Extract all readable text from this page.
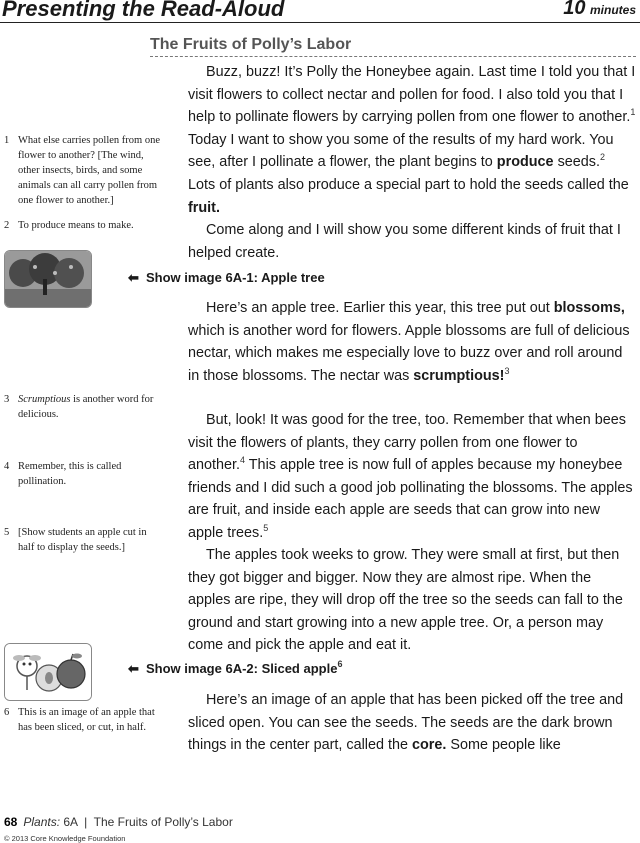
Presenting the Read-Aloud	10 minutes
The Fruits of Polly’s Labor
Buzz, buzz! It’s Polly the Honeybee again. Last time I told you that I visit flowers to collect nectar and pollen for food. I also told you that I help to pollinate flowers by carrying pollen from one flower to another.$^1$ Today I want to show you some of the results of my hard work. You see, after I pollinate a flower, the plant begins to produce seeds.$^2$ Lots of plants also produce a special part to hold the seeds called the fruit.
Come along and I will show you some different kinds of fruit that I helped create.
⬅ Show image 6A-1: Apple tree
Here’s an apple tree. Earlier this year, this tree put out blossoms, which is another word for flowers. Apple blossoms are full of delicious nectar, which makes me especially love to buzz over and roll around in those blossoms. The nectar was scrumptious!$^3$
But, look! It was good for the tree, too. Remember that when bees visit the flowers of plants, they carry pollen from one flower to another.$^4$ This apple tree is now full of apples because my honeybee friends and I did such a good job pollinating the blossoms. The apples are fruit, and inside each apple are seeds that can grow into new apple trees.$^5$
The apples took weeks to grow. They were small at first, but then they got bigger and bigger. Now they are almost ripe. When the apples are ripe, they will drop off the tree so the seeds can fall to the ground and start growing into a new apple tree. Or, a person may come and pick the apple and eat it.
⬅ Show image 6A-2: Sliced apple$^6$
Here’s an image of an apple that has been picked off the tree and sliced open. You can see the seeds. The seeds are the dark brown things in the center part, called the core. Some people like
1 What else carries pollen from one flower to another? [The wind, other insects, birds, and some animals can all carry pollen from one flower to another.]
2 To produce means to make.
3 Scrumptious is another word for delicious.
4 Remember, this is called pollination.
5 [Show students an apple cut in half to display the seeds.]
6 This is an image of an apple that has been sliced, or cut, in half.
68 Plants: 6A  |  The Fruits of Polly’s Labor
© 2013 Core Knowledge Foundation
